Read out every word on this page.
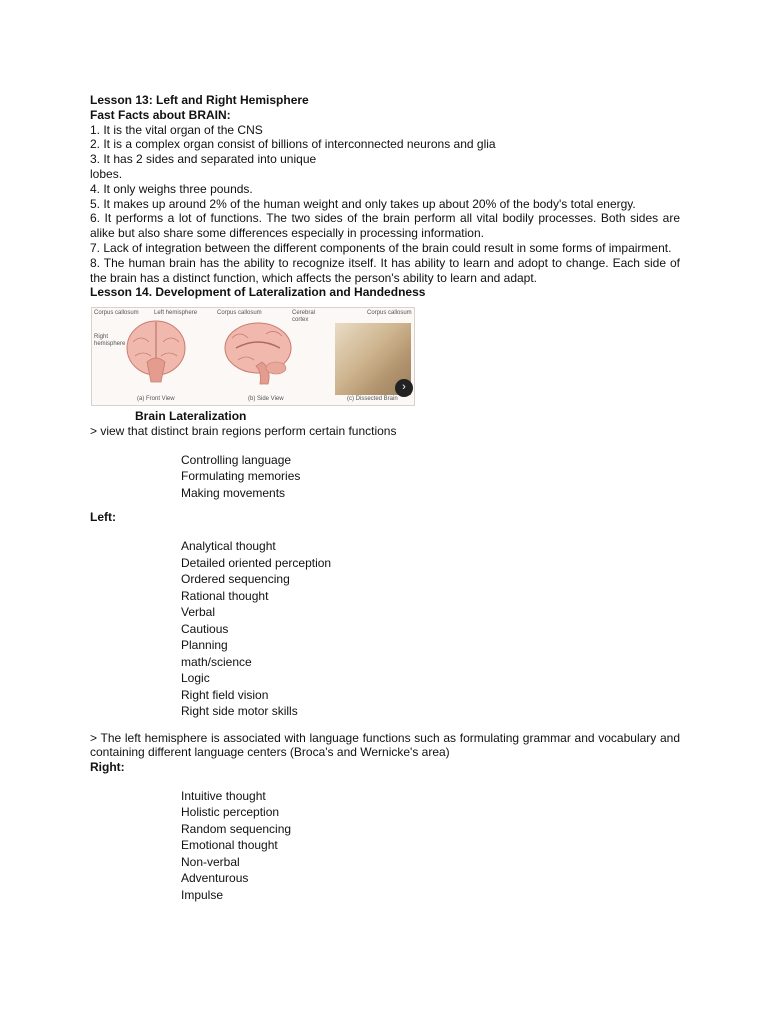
Lesson 13: Left and Right Hemisphere
Fast Facts about BRAIN:
1. It is the vital organ of the CNS
2. It is a complex organ consist of billions of interconnected neurons and glia
3. It has 2 sides and separated into unique
lobes.
4. It only weighs three pounds.
5. It makes up around 2% of the human weight and only takes up about 20% of the body's total energy.
6. It performs a lot of functions. The two sides of the brain perform all vital bodily processes. Both sides are alike but also share some differences especially in processing information.
7. Lack of integration between the different components of the brain could result in some forms of impairment.
8. The human brain has the ability to recognize itself. It has ability to learn and adopt to change. Each side of the brain has a distinct function, which affects the person's ability to learn and adapt.
Lesson 14. Development of Lateralization and Handedness
Corpus callosum	Left hemisphere
Right
hemisphere
Corpus callosum	Cerebral
cortex
Corpus callosum
(a) Front View	(b) Side View	(c) Dissected Brain
›
Brain Lateralization
> view that distinct brain regions perform certain functions
Controlling language
Formulating memories
Making movements
Left:
Analytical thought
Detailed oriented perception
Ordered sequencing
Rational thought
Verbal
Cautious
Planning
math/science
Logic
Right field vision
Right side motor skills
> The left hemisphere is associated with language functions such as formulating grammar and vocabulary and containing different language centers (Broca's and Wernicke's area)
Right:
Intuitive thought
Holistic perception
Random sequencing
Emotional thought
Non-verbal
Adventurous
Impulse
